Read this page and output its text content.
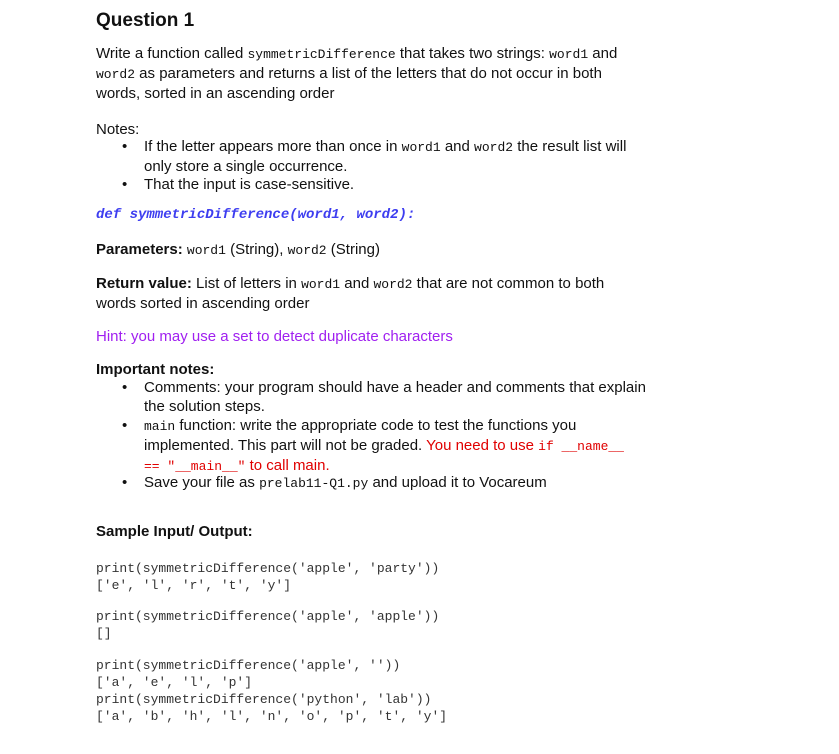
Question 1
Write a function called symmetricDifference that takes two strings: word1 and
word2 as parameters and returns a list of the letters that do not occur in both
words, sorted in an ascending order
Notes:
• If the letter appears more than once in word1 and word2 the result list will
only store a single occurrence.
• That the input is case-sensitive.
def symmetricDifference(word1, word2):
Parameters: word1 (String), word2 (String)
Return value: List of letters in word1 and word2 that are not common to both
words sorted in ascending order
Hint: you may use a set to detect duplicate characters
Important notes:
• Comments: your program should have a header and comments that explain
the solution steps.
• main function: write the appropriate code to test the functions you
implemented. This part will not be graded. You need to use if __name__
== "__main__" to call main.
• Save your file as prelab11-Q1.py and upload it to Vocareum
Sample Input/ Output:
print(symmetricDifference('apple', 'party'))
['e', 'l', 'r', 't', 'y']
print(symmetricDifference('apple', 'apple'))
[]
print(symmetricDifference('apple', ''))
['a', 'e', 'l', 'p']
print(symmetricDifference('python', 'lab'))
['a', 'b', 'h', 'l', 'n', 'o', 'p', 't', 'y']
